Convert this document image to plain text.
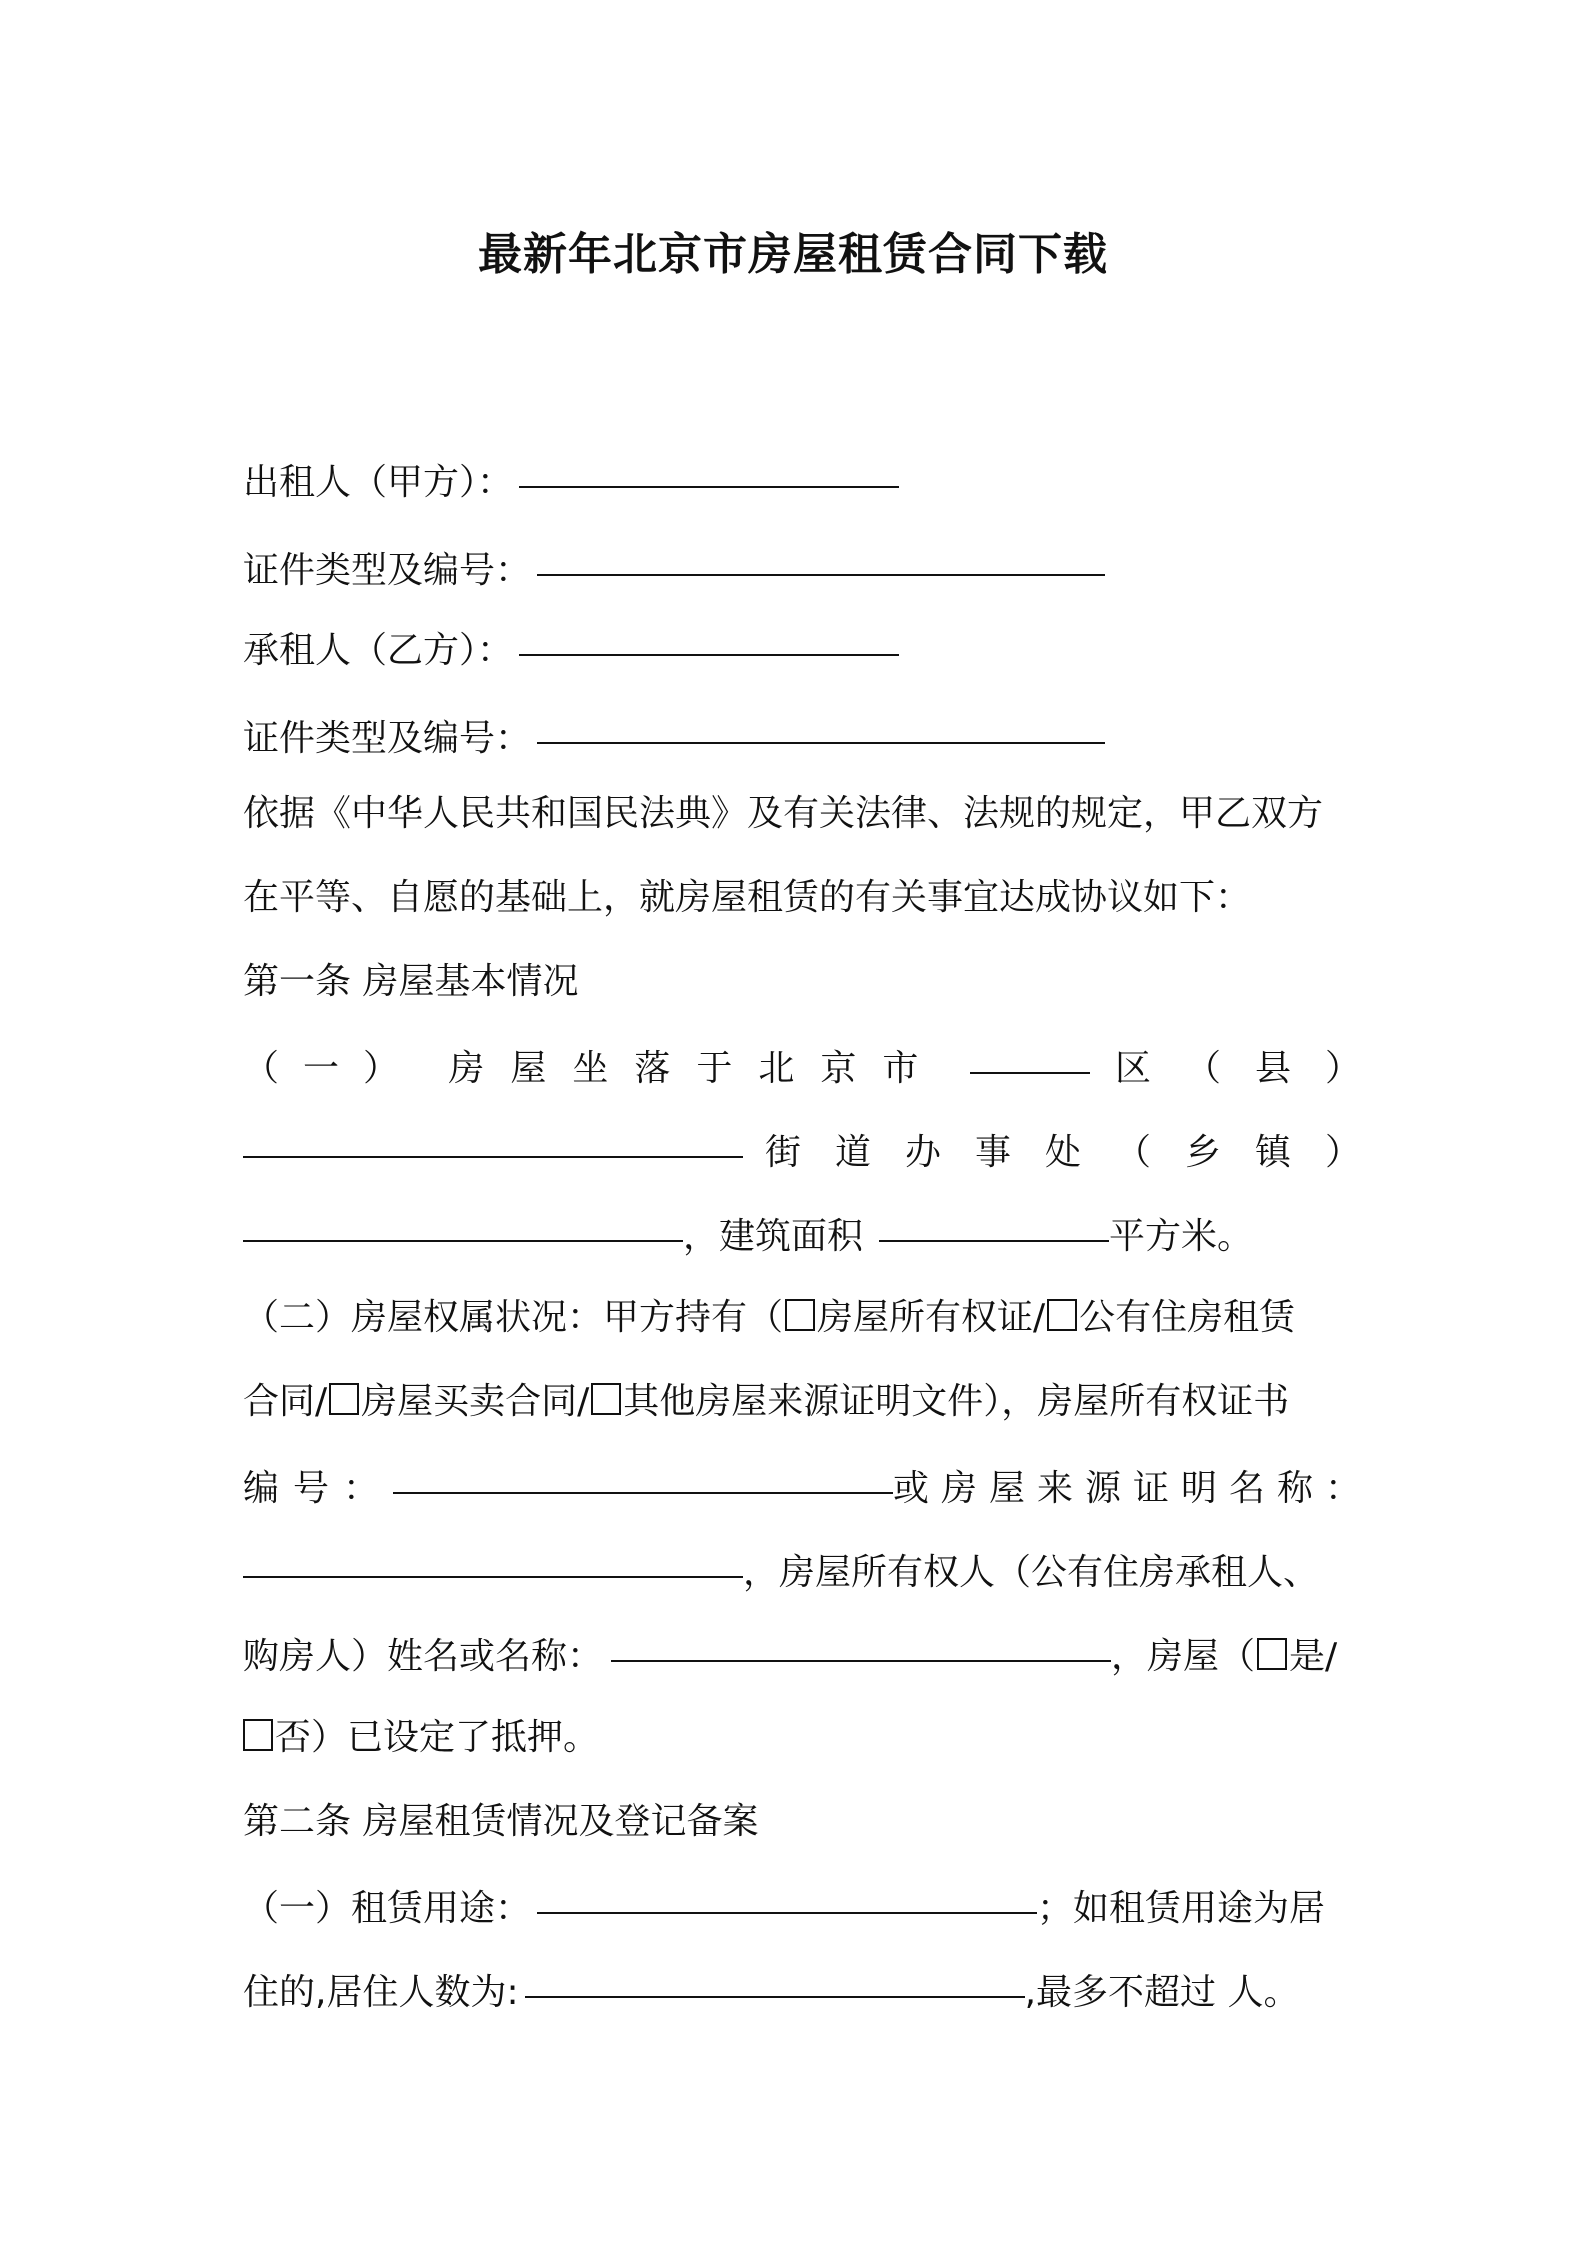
最新年北京市房屋租赁合同下载
出租人（甲方）：
证件类型及编号：
承租人（乙方）：
证件类型及编号：
依据《中华人民共和国民法典》及有关法律、法规的规定，甲乙双方
在平等、自愿的基础上，就房屋租赁的有关事宜达成协议如下：
第一条 房屋基本情况
（一） 房屋坐落于北京市	区（县）
街道办事处（乡镇）
，建筑面积	平方米。
（二）房屋权属状况：甲方持有（ 房屋所有权证/ 公有住房租赁
合同/ 房屋买卖合同/ 其他房屋来源证明文件），房屋所有权证书
编号：	或房屋来源证明名称：
，房屋所有权人（公有住房承租人、
购房人）姓名或名称：	，房屋（ 是/
否）已设定了抵押。
第二条 房屋租赁情况及登记备案
（一）租赁用途：	；如租赁用途为居
住的,居住人数为:	,最多不超过 人。
